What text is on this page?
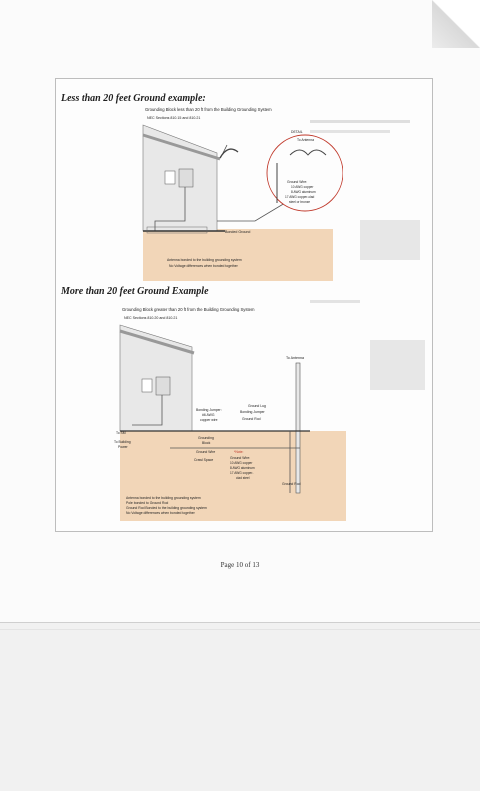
Less than 20 feet Ground example:
Grounding Block less than 20 ft from the Building Grounding System
NEC Sections 810.15 and 810.21
Bonded Ground
DETAIL
To Antenna
Ground Wire:
10 AWG copper
8 AWG aluminum
17 AWG copper-clad
steel or bronze
Antenna bonded to the building grounding system
No Voltage differences when bonded together
More than 20 feet Ground Example
Grounding Block greater than 20 ft from the Building Grounding System
NEC Sections 810.20 and 810.21
To Antenna
Bonding Jumper:
#6 AWG
copper wire
Ground Lug
Bonding Jumper
Ground Rod
To SM
To Building
Power
Grounding
Block
Ground Wire
Crawl Space
*Note:
Ground Wire:
10 AWG copper
8 AWG aluminum
17 AWG copper-
clad steel
Ground Rod
Antenna bonded to the building grounding system
Pole bonded to Ground Rod
Ground Rod Bonded to the building grounding system
No Voltage differences when bonded together
Page 10 of 13
